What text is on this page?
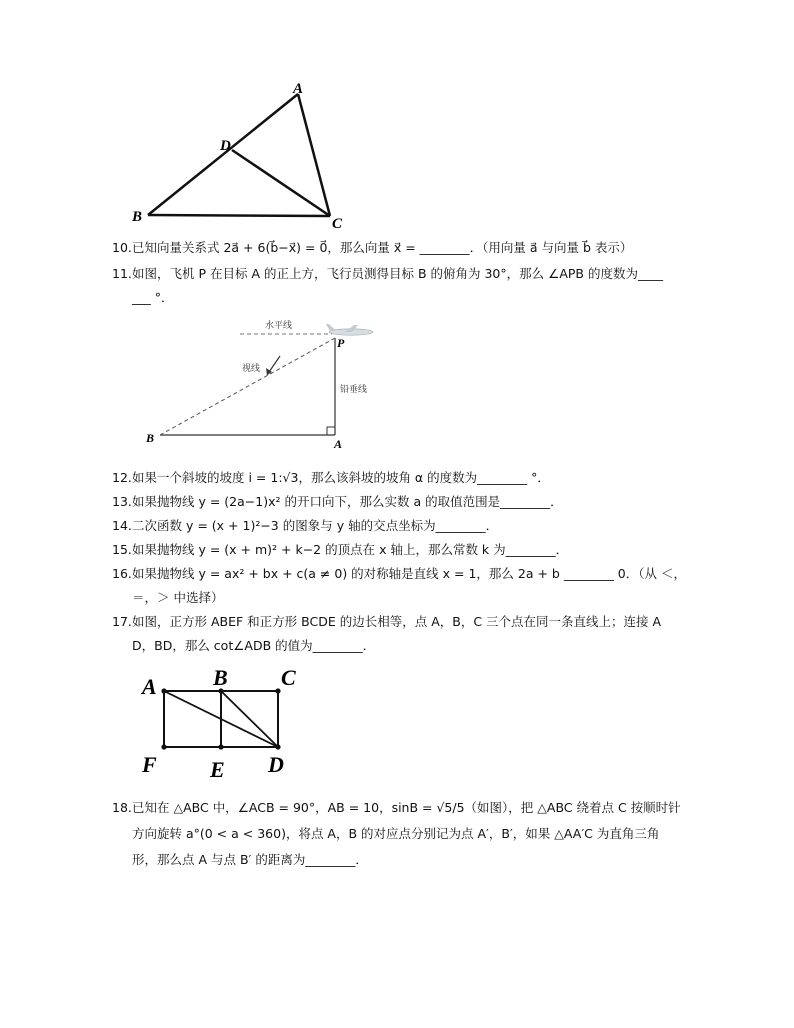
A
D
B	C
10.已知向量关系式 2a⃗ + 6(b⃗−x⃗) = 0⃗，那么向量 x⃗ = ________．（用向量 a⃗ 与向量 b⃗ 表示）
11.如图，飞机 P 在目标 A 的正上方，飞行员测得目标 B 的俯角为 30°，那么 ∠APB 的度数为____
___ °．
水平线
视线
铅垂线
P
A
B
12.如果一个斜坡的坡度 i = 1:√3，那么该斜坡的坡角 α 的度数为________ °．
13.如果抛物线 y = (2a−1)x² 的开口向下，那么实数 a 的取值范围是________．
14.二次函数 y = (x + 1)²−3 的图象与 y 轴的交点坐标为________．
15.如果抛物线 y = (x + m)² + k−2 的顶点在 x 轴上，那么常数 k 为________．
16.如果抛物线 y = ax² + bx + c(a ≠ 0) 的对称轴是直线 x = 1，那么 2a + b ________ 0．（从 ＜，
＝，＞ 中选择）
17.如图，正方形 ABEF 和正方形 BCDE 的边长相等，点 A，B，C 三个点在同一条直线上；连接 A
D，BD，那么 cot∠ADB 的值为________．
A	B C
F E D
18.已知在 △ABC 中，∠ACB = 90°，AB = 10，sinB = √5/5（如图），把 △ABC 绕着点 C 按顺时针
方向旋转 a°(0 < a < 360)，将点 A，B 的对应点分别记为点 A′，B′，如果 △AA′C 为直角三角
形，那么点 A 与点 B′ 的距离为________．
